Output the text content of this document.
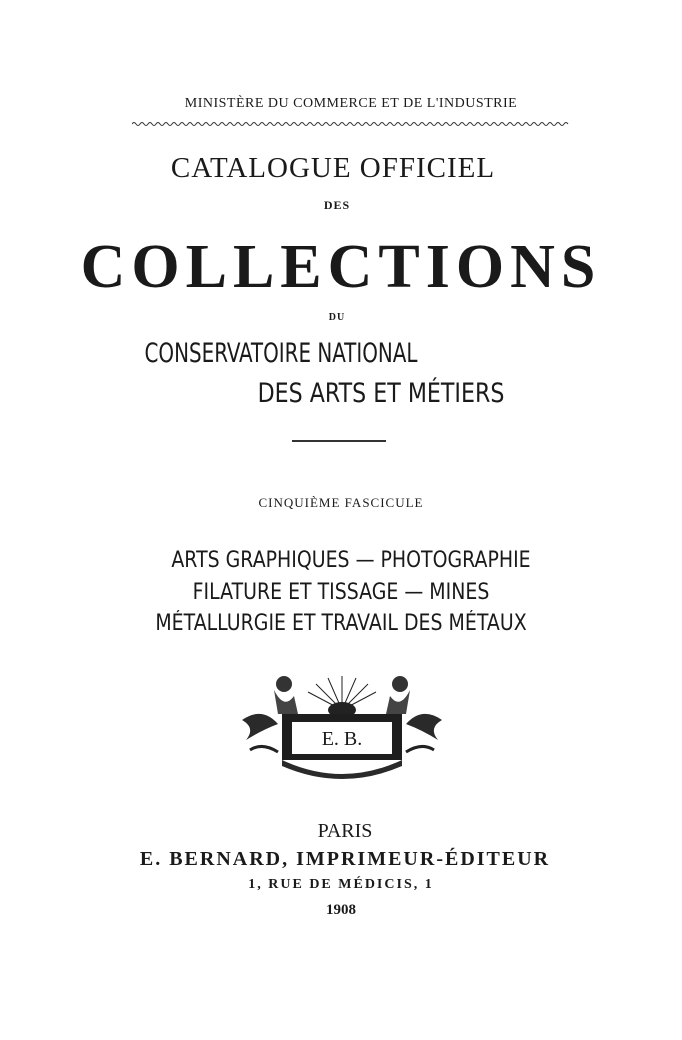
MINISTÈRE DU COMMERCE ET DE L'INDUSTRIE
CATALOGUE OFFICIEL
DES
COLLECTIONS
DU
CONSERVATOIRE NATIONAL
DES ARTS ET MÉTIERS
CINQUIÈME FASCICULE
ARTS GRAPHIQUES — PHOTOGRAPHIE
FILATURE ET TISSAGE — MINES
MÉTALLURGIE ET TRAVAIL DES MÉTAUX
E. B.
PARIS
E. BERNARD, IMPRIMEUR-ÉDITEUR
1, RUE DE MÉDICIS, 1
1908
